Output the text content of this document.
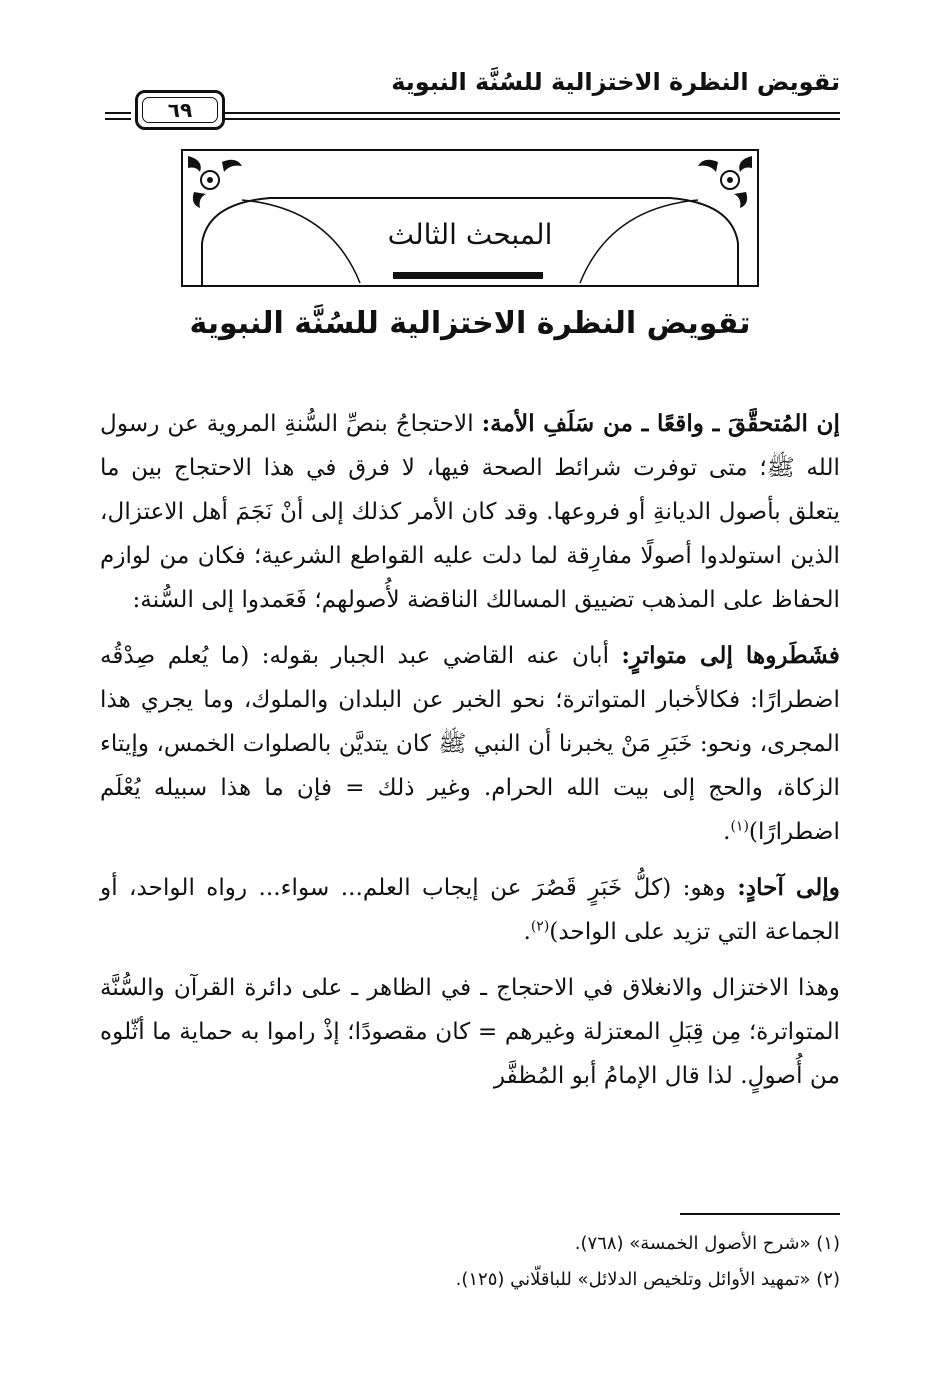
تقويض النظرة الاختزالية للسُنَّة النبوية
٦٩
المبحث الثالث
تقويض النظرة الاختزالية للسُنَّة النبوية

إن المُتحقَّقَ ـ واقعًا ـ من سَلَفِ الأمة: الاحتجاجُ بنصِّ السُّنةِ المروية عن رسول الله ﷺ؛ متى توفرت شرائط الصحة فيها، لا فرق في هذا الاحتجاج بين ما يتعلق بأصول الديانةِ أو فروعها. وقد كان الأمر كذلك إلى أنْ نَجَمَ أهل الاعتزال، الذين استولدوا أصولًا مفارِقة لما دلت عليه القواطع الشرعية؛ فكان من لوازم الحفاظ على المذهب تضييق المسالك الناقضة لأُصولهم؛ فَعَمدوا إلى السُّنة:

فشَطَروها إلى متواترٍ: أبان عنه القاضي عبد الجبار بقوله: (ما يُعلم صِدْقُه اضطرارًا: فكالأخبار المتواترة؛ نحو الخبر عن البلدان والملوك، وما يجري هذا المجرى، ونحو: خَبَرِ مَنْ يخبرنا أن النبي ﷺ كان يتديَّن بالصلوات الخمس، وإيتاء الزكاة، والحج إلى بيت الله الحرام. وغير ذلك = فإن ما هذا سبيله يُعْلَم اضطرارًا)$^{(١)}$.

وإلى آحادٍ: وهو: (كلُّ خَبَرٍ قَصُرَ عن إيجاب العلم... سواء... رواه الواحد، أو الجماعة التي تزيد على الواحد)$^{(٢)}$.

وهذا الاختزال والانغلاق في الاحتجاج ـ في الظاهر ـ على دائرة القرآن والسُّنَّة المتواترة؛ مِن قِبَلِ المعتزلة وغيرهم = كان مقصودًا؛ إذْ راموا به حماية ما أثّلوه من أُصولٍ. لذا قال الإمامُ أبو المُظفَّر

(١) «شرح الأصول الخمسة» (٧٦٨).
(٢) «تمهيد الأوائل وتلخيص الدلائل» للباقلّاني (١٢٥).
